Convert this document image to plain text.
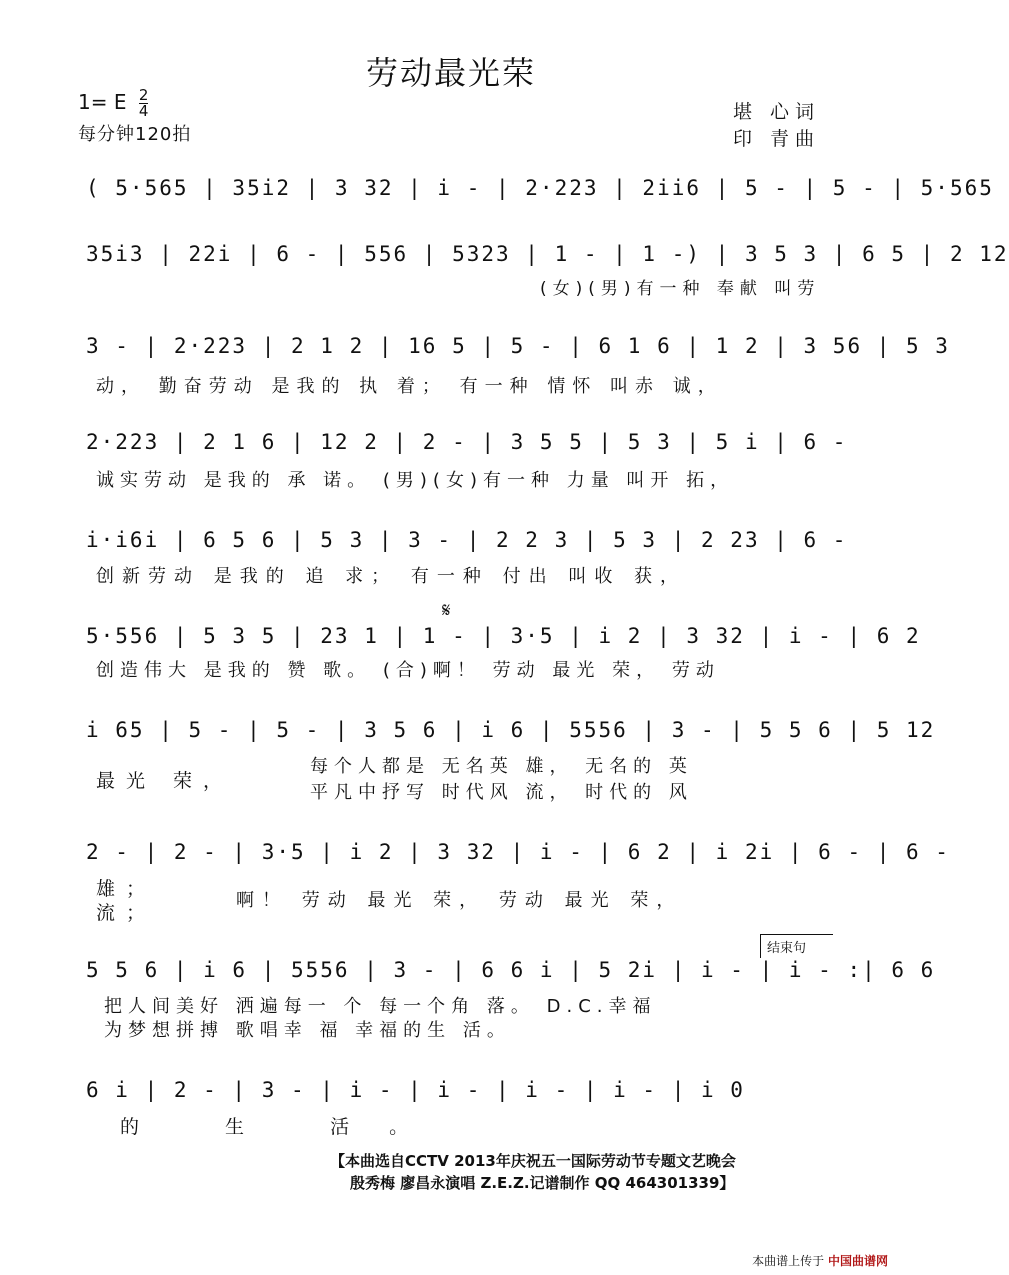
劳动最光荣
1= E $\frac{2}{4}$
每分钟120拍
堪 心词
印 青曲
( 5·565 | 35i2 | 3 32 | i - | 2·223 | 2ii6 | 5 - | 5 - | 5·565
35i3 | 22i | 6 - | 556 | 5323 | 1 - | 1 -) | 3 5 3 | 6 5 | 2 12
(女)(男)有一种 奉献 叫劳
3 - | 2·223 | 2 1 2 | 16 5 | 5 - | 6 1 6 | 1 2 | 3 56 | 5 3
动， 勤奋劳动 是我的 执 着； 有一种 情怀 叫赤 诚，
2·223 | 2 1 6 | 12 2 | 2 - | 3 5 5 | 5 3 | 5 i | 6 -
诚实劳动 是我的 承 诺。 (男)(女)有一种 力量 叫开 拓，
i·i6i | 6 5 6 | 5 3 | 3 - | 2 2 3 | 5 3 | 2 23 | 6 -
创新劳动 是我的 追 求； 有一种 付出 叫收 获，
𝄋
5·556 | 5 3 5 | 23 1 | 1 - | 3·5 | i 2 | 3 32 | i - | 6 2
创造伟大 是我的 赞 歌。 (合)啊！ 劳动 最光 荣， 劳动
i 65 | 5 - | 5 - | 3 5 6 | i 6 | 5556 | 3 - | 5 5 6 | 5 12
最光 荣，
每个人都是 无名英 雄， 无名的 英
平凡中抒写 时代风 流， 时代的 风
2 - | 2 - | 3·5 | i 2 | 3 32 | i - | 6 2 | i 2i | 6 - | 6 -
雄；
流；
啊！ 劳动 最光 荣， 劳动 最光 荣，
结束句
5 5 6 | i 6 | 5556 | 3 - | 6 6 i | 5 2i | i - | i - :| 6 6
把人间美好 洒遍每一 个 每一个角 落。 D.C.幸福
为梦想拼搏 歌唱幸 福 幸福的生 活。
6 i | 2 - | 3 - | i - | i - | i - | i - | i 0
的 生 活。
【本曲选自CCTV 2013年庆祝五一国际劳动节专题文艺晚会
殷秀梅 廖昌永演唱 Z.E.Z.记谱制作 QQ 464301339】
本曲谱上传于 中国曲谱网
